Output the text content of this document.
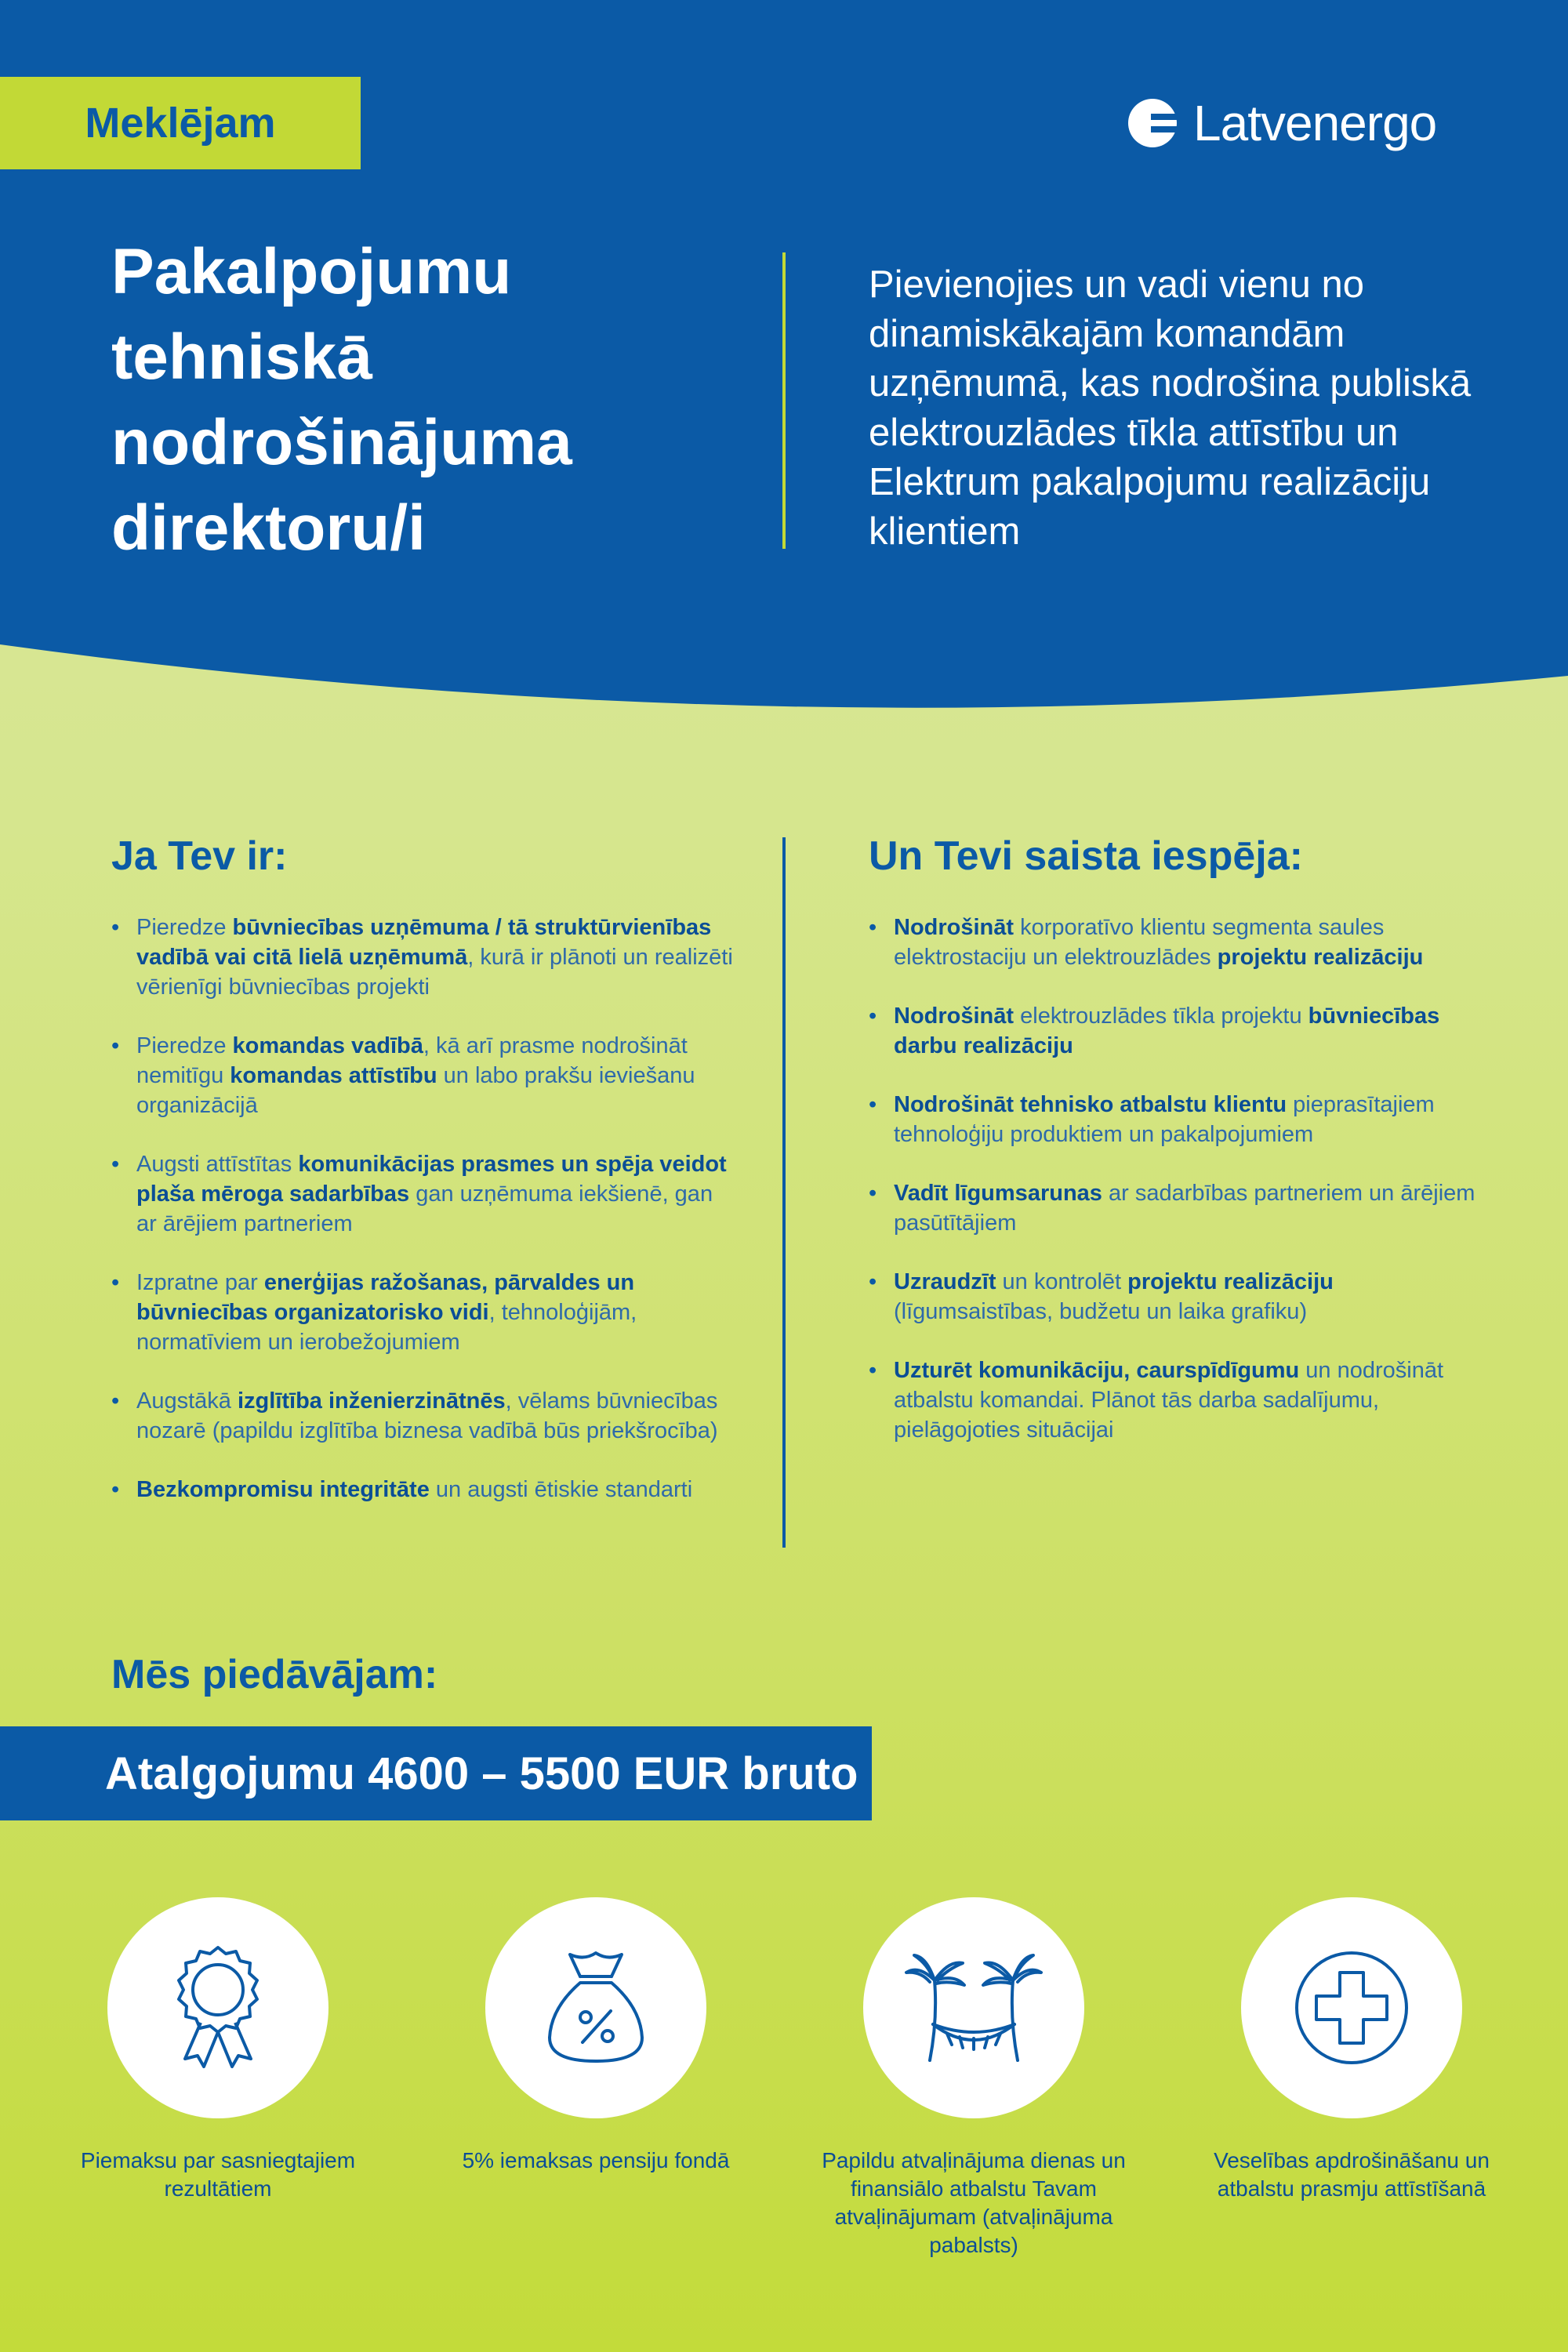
Meklējam	Latvenergo
Pakalpojumu tehniskā nodrošinājuma direktoru/i

Pievienojies un vadi vienu no dinamiskākajām komandām uzņēmumā, kas nodrošina publiskā elektrouzlādes tīkla attīstību un Elektrum pakalpojumu realizāciju klientiem

Ja Tev ir:
• Pieredze būvniecības uzņēmuma / tā struktūrvienības vadībā vai citā lielā uzņēmumā, kurā ir plānoti un realizēti vērienīgi būvniecības projekti
• Pieredze komandas vadībā, kā arī prasme nodrošināt nemitīgu komandas attīstību un labo prakšu ieviešanu organizācijā
• Augsti attīstītas komunikācijas prasmes un spēja veidot plaša mēroga sadarbības gan uzņēmuma iekšienē, gan ar ārējiem partneriem
• Izpratne par enerģijas ražošanas, pārvaldes un būvniecības organizatorisko vidi, tehnoloģijām, normatīviem un ierobežojumiem
• Augstākā izglītība inženierzinātnēs, vēlams būvniecības nozarē (papildu izglītība biznesa vadībā būs priekšrocība)
• Bezkompromisu integritāte un augsti ētiskie standarti
Un Tevi saista iespēja:
• Nodrošināt korporatīvo klientu segmenta saules elektrostaciju un elektrouzlādes projektu realizāciju
• Nodrošināt elektrouzlādes tīkla projektu būvniecības darbu realizāciju
• Nodrošināt tehnisko atbalstu klientu pieprasītajiem tehnoloģiju produktiem un pakalpojumiem
• Vadīt līgumsarunas ar sadarbības partneriem un ārējiem pasūtītājiem
• Uzraudzīt un kontrolēt projektu realizāciju (līgumsaistības, budžetu un laika grafiku)
• Uzturēt komunikāciju, caurspīdīgumu un nodrošināt atbalstu komandai. Plānot tās darba sadalījumu, pielāgojoties situācijai
Mēs piedāvājam:
Atalgojumu 4600 – 5500 EUR bruto
Piemaksu par sasniegtajiem rezultātiem
5% iemaksas pensiju fondā	Papildu atvaļinājuma dienas un finansiālo atbalstu Tavam atvaļinājumam (atvaļinājuma pabalsts)
Veselības apdrošināšanu un atbalstu prasmju attīstīšanā
